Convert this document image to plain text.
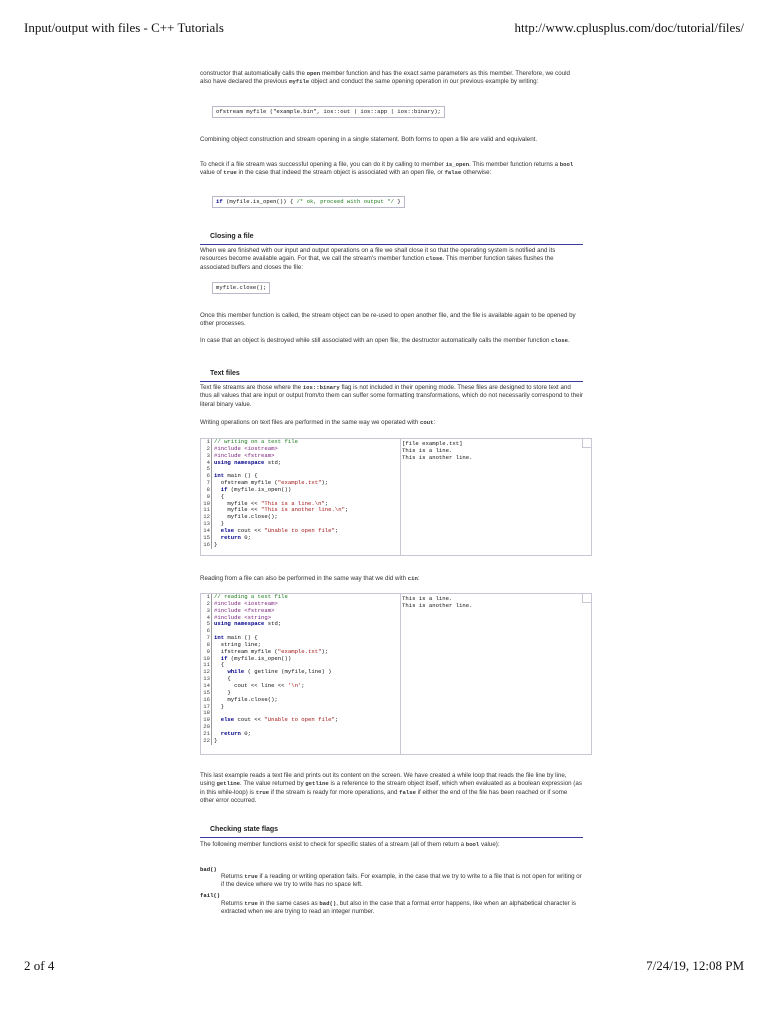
Input/output with files - C++ Tutorials	http://www.cplusplus.com/doc/tutorial/files/

constructor that automatically calls the open member function and has the exact same parameters as this member. Therefore, we could also have declared the previous myfile object and conduct the same opening operation in our previous example by writing:

ofstream myfile ("example.bin", ios::out | ios::app | ios::binary);

Combining object construction and stream opening in a single statement. Both forms to open a file are valid and equivalent.

To check if a file stream was successful opening a file, you can do it by calling to member is_open. This member function returns a bool value of true in the case that indeed the stream object is associated with an open file, or false otherwise:

if (myfile.is_open()) { /* ok, proceed with output */ }
Closing a file

When we are finished with our input and output operations on a file we shall close it so that the operating system is notified and its resources become available again. For that, we call the stream's member function close. This member function takes flushes the associated buffers and closes the file:

myfile.close();

Once this member function is called, the stream object can be re-used to open another file, and the file is available again to be opened by other processes.

In case that an object is destroyed while still associated with an open file, the destructor automatically calls the member function close.

Text files

Text file streams are those where the ios::binary flag is not included in their opening mode. These files are designed to store text and thus all values that are input or output from/to them can suffer some formatting transformations, which do not necessarily correspond to their literal binary value.

Writing operations on text files are performed in the same way we operated with cout:

1 // writing on a text file
2 #include <iostream>
3 #include <fstream>
4 using namespace std;
5
6 int main () {
7 ofstream myfile ("example.txt");
8	if (myfile.is_open())
9 {
10 myfile << "This is a line.\n";
11 myfile << "This is another line.\n";
12 myfile.close();
13 }
14	else cout << "Unable to open file";
15	return 0;
16 }
[file example.txt]
This is a line.
This is another line.

Reading from a file can also be performed in the same way that we did with cin:

1 // reading a text file
2 #include <iostream>
3 #include <fstream>
4 #include <string>
5 using namespace std;
6
7 int main () {
8 string line;
9 ifstream myfile ("example.txt");
10	if (myfile.is_open())
11 {
12	while ( getline (myfile,line) )
13 {
14 cout << line << '\n';
15 }
16 myfile.close();
17 }
18
19	else cout << "Unable to open file";
20
21	return 0;
22 }
This is a line.
This is another line.

This last example reads a text file and prints out its content on the screen. We have created a while loop that reads the file line by line, using getline. The value returned by getline is a reference to the stream object itself, which when evaluated as a boolean expression (as in this while-loop) is true if the stream is ready for more operations, and false if either the end of the file has been reached or if some other error occurred.

Checking state flags

The following member functions exist to check for specific states of a stream (all of them return a bool value):

bad()
Returns true if a reading or writing operation fails. For example, in the case that we try to write to a file that is not open for writing or if the device where we try to write has no space left.
fail()
Returns true in the same cases as bad(), but also in the case that a format error happens, like when an alphabetical character is extracted when we are trying to read an integer number.
2 of 4	7/24/19, 12:08 PM
